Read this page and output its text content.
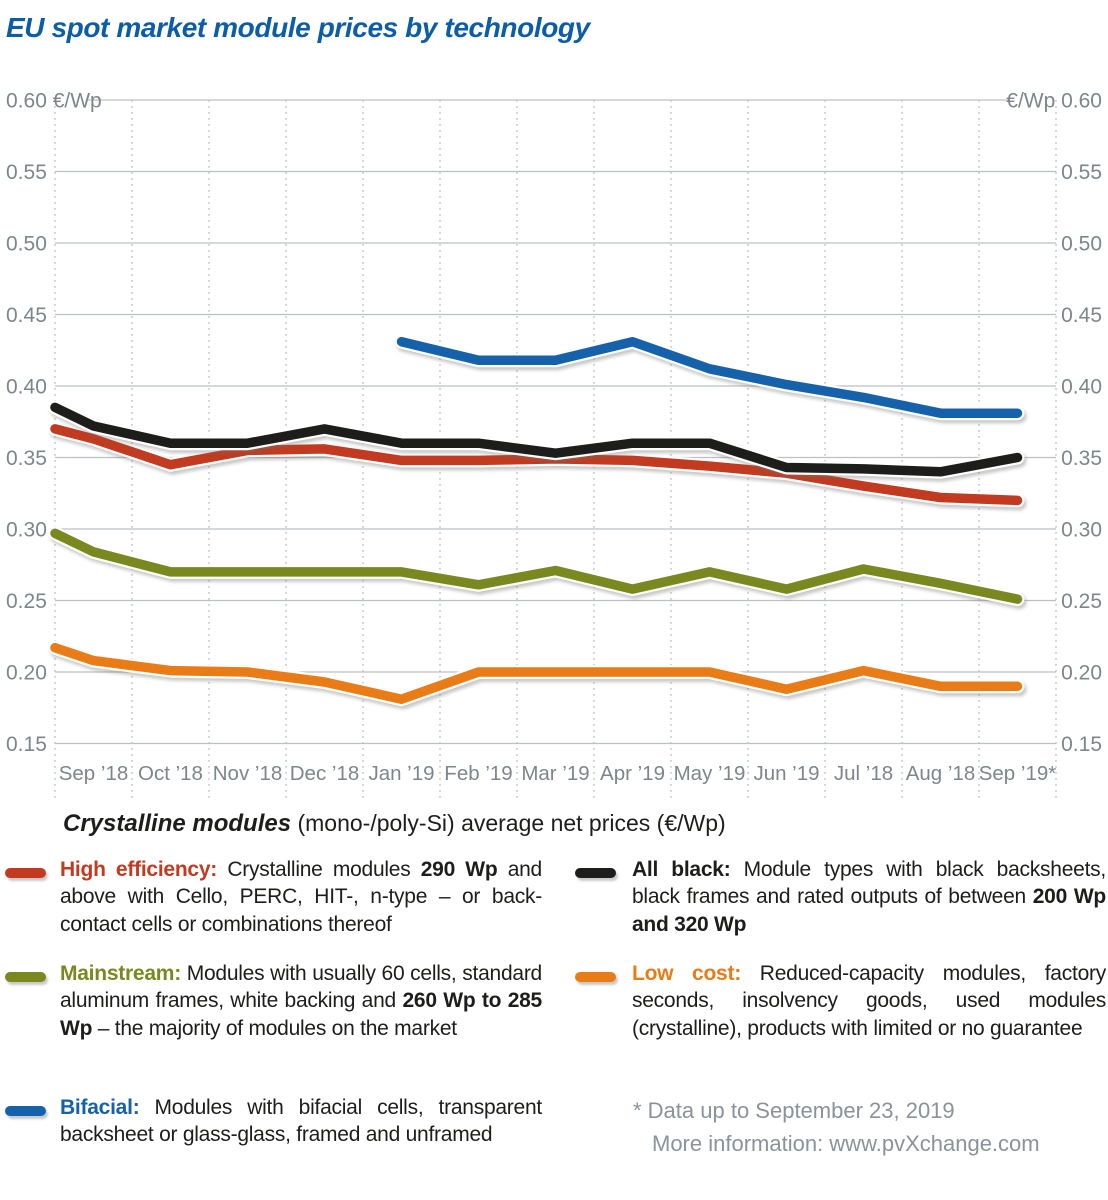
EU spot market module prices by technology
0.60 €/Wp	€/Wp 0.60
0.55	0.55
0.50	0.50
0.45	0.45
0.40	0.40
0.35	0.35
0.30	0.30
0.25	0.25
0.20	0.20
0.15	0.15
Sep ’18 Oct ’18 Nov ’18 Dec ’18 Jan ’19 Feb ’19 Mar ’19 Apr ’19 May ’19 Jun ’19 Jul ’18 Aug ’18 Sep ’19*
Crystalline modules (mono-/poly-Si) average net prices (€/Wp)
High efficiency: Crystalline modules 290 Wp and above with Cello, PERC, HIT-, n-type – or back-contact cells or combinations thereof
Mainstream: Modules with usually 60 cells, standard aluminum frames, white backing and 260 Wp to 285 Wp – the majority of modules on the market
Bifacial: Modules with bifacial cells, transparent backsheet or glass-glass, framed and unframed
All black: Module types with black backsheets, black frames and rated outputs of between 200 Wp and 320 Wp
Low cost: Reduced-capacity modules, factory seconds, insolvency goods, used modules (crystalline), products with limited or no guarantee
* Data up to September 23, 2019
More information: www.pvXchange.com
